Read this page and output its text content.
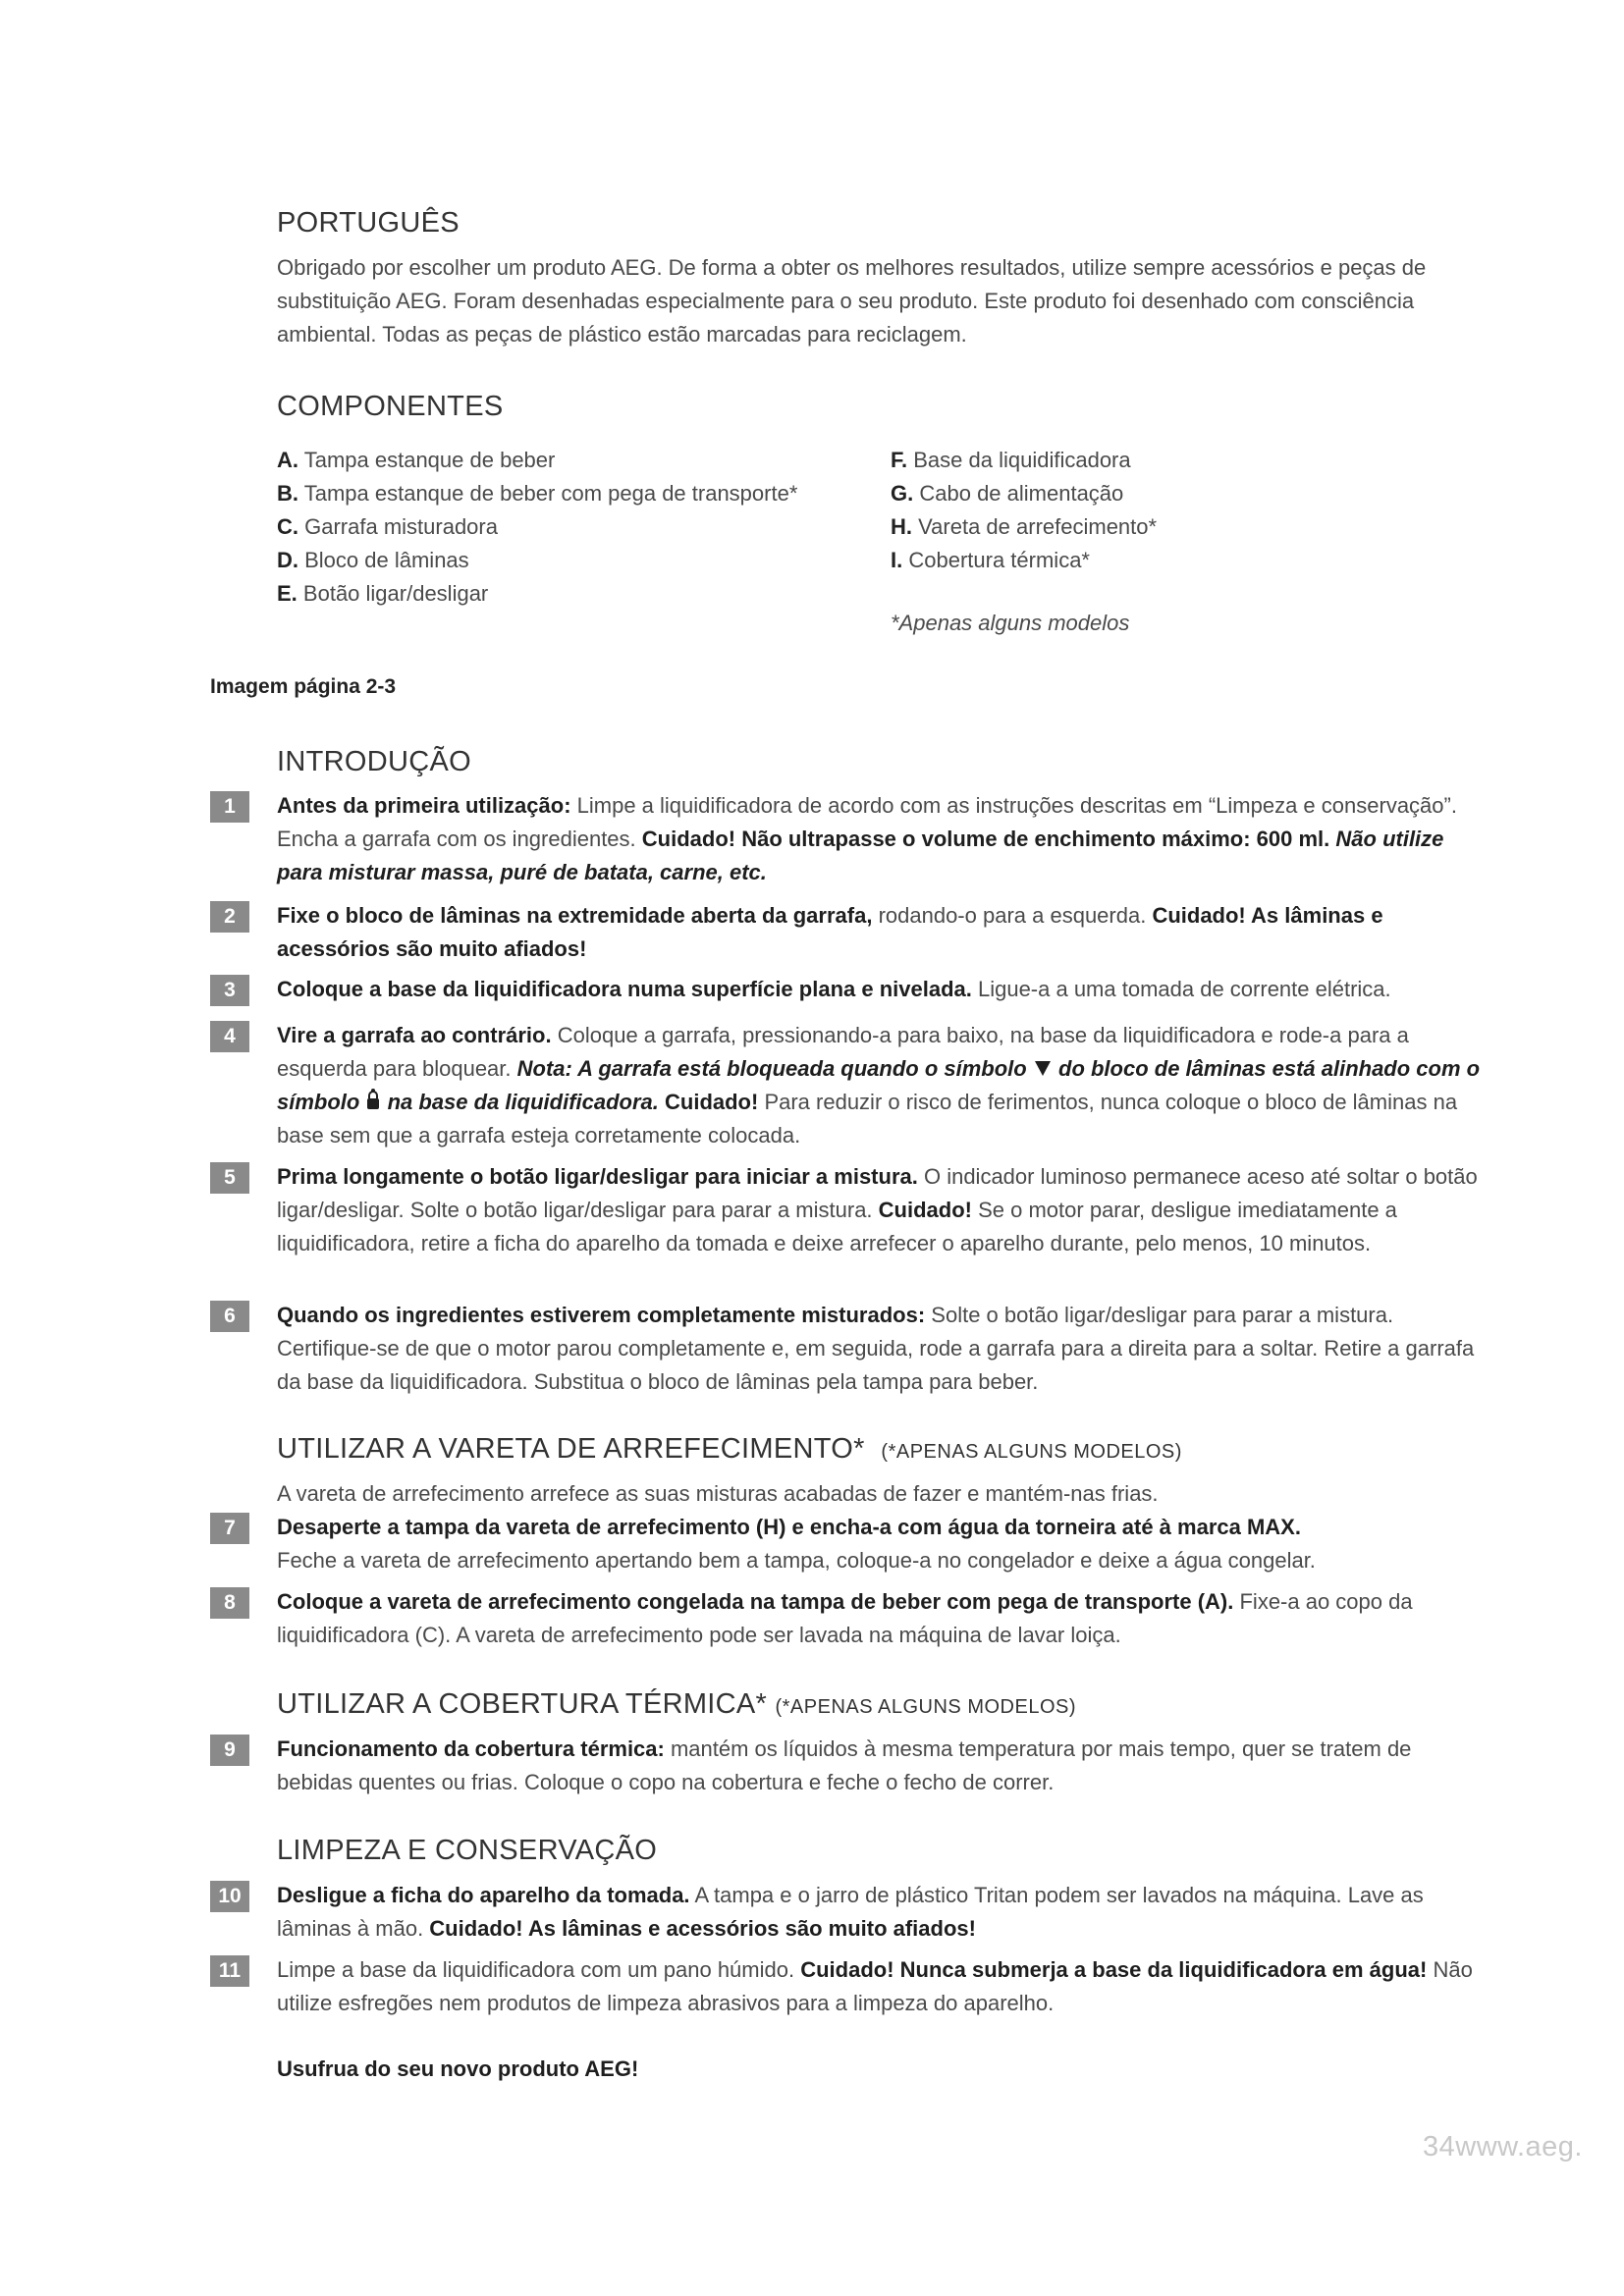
PORTUGUÊS

Obrigado por escolher um produto AEG. De forma a obter os melhores resultados, utilize sempre acessórios e peças de substituição AEG. Foram desenhadas especialmente para o seu produto. Este produto foi desenhado com consciência ambiental. Todas as peças de plástico estão marcadas para reciclagem.

COMPONENTES
A. Tampa estanque de beber
B. Tampa estanque de beber com pega de transporte*
C. Garrafa misturadora
D. Bloco de lâminas
E. Botão ligar/desligar
F. Base da liquidificadora
G. Cabo de alimentação
H. Vareta de arrefecimento*
I. Cobertura térmica*
*Apenas alguns modelos
Imagem página 2-3
INTRODUÇÃO
1	Antes da primeira utilização: Limpe a liquidificadora de acordo com as instruções descritas em “Limpeza e conservação”. Encha a garrafa com os ingredientes. Cuidado! Não ultrapasse o volume de enchimento máximo: 600 ml. Não utilize para misturar massa, puré de batata, carne, etc.

2	Fixe o bloco de lâminas na extremidade aberta da garrafa, rodando-o para a esquerda. Cuidado! As lâminas e acessórios são muito afiados!

3	Coloque a base da liquidificadora numa superfície plana e nivelada. Ligue-a a uma tomada de corrente elétrica.

4	Vire a garrafa ao contrário. Coloque a garrafa, pressionando-a para baixo, na base da liquidificadora e rode-a para a esquerda para bloquear. Nota: A garrafa está bloqueada quando o símbolo do bloco de lâminas está alinhado com o símbolo na base da liquidificadora. Cuidado! Para reduzir o risco de ferimentos, nunca coloque o bloco de lâminas na base sem que a garrafa esteja corretamente colocada.

5	Prima longamente o botão ligar/desligar para iniciar a mistura. O indicador luminoso permanece aceso até soltar o botão ligar/desligar. Solte o botão ligar/desligar para parar a mistura. Cuidado! Se o motor parar, desligue imediatamente a liquidificadora, retire a ficha do aparelho da tomada e deixe arrefecer o aparelho durante, pelo menos, 10 minutos.

6	Quando os ingredientes estiverem completamente misturados: Solte o botão ligar/desligar para parar a mistura. Certifique-se de que o motor parou completamente e, em seguida, rode a garrafa para a direita para a soltar. Retire a garrafa da base da liquidificadora. Substitua o bloco de lâminas pela tampa para beber.

UTILIZAR A VARETA DE ARREFECIMENTO* (*APENAS ALGUNS MODELOS)

A vareta de arrefecimento arrefece as suas misturas acabadas de fazer e mantém-nas frias.

7	Desaperte a tampa da vareta de arrefecimento (H) e encha-a com água da torneira até à marca MAX.
Feche a vareta de arrefecimento apertando bem a tampa, coloque-a no congelador e deixe a água congelar.

8	Coloque a vareta de arrefecimento congelada na tampa de beber com pega de transporte (A). Fixe-a ao copo da liquidificadora (C). A vareta de arrefecimento pode ser lavada na máquina de lavar loiça.

UTILIZAR A COBERTURA TÉRMICA* (*APENAS ALGUNS MODELOS)
9	Funcionamento da cobertura térmica: mantém os líquidos à mesma temperatura por mais tempo, quer se tratem de bebidas quentes ou frias. Coloque o copo na cobertura e feche o fecho de correr.

LIMPEZA E CONSERVAÇÃO
10	Desligue a ficha do aparelho da tomada. A tampa e o jarro de plástico Tritan podem ser lavados na máquina. Lave as lâminas à mão. Cuidado! As lâminas e acessórios são muito afiados!

11	Limpe a base da liquidificadora com um pano húmido. Cuidado! Nunca submerja a base da liquidificadora em água! Não utilize esfregões nem produtos de limpeza abrasivos para a limpeza do aparelho.

Usufrua do seu novo produto AEG!
34www.aeg.
